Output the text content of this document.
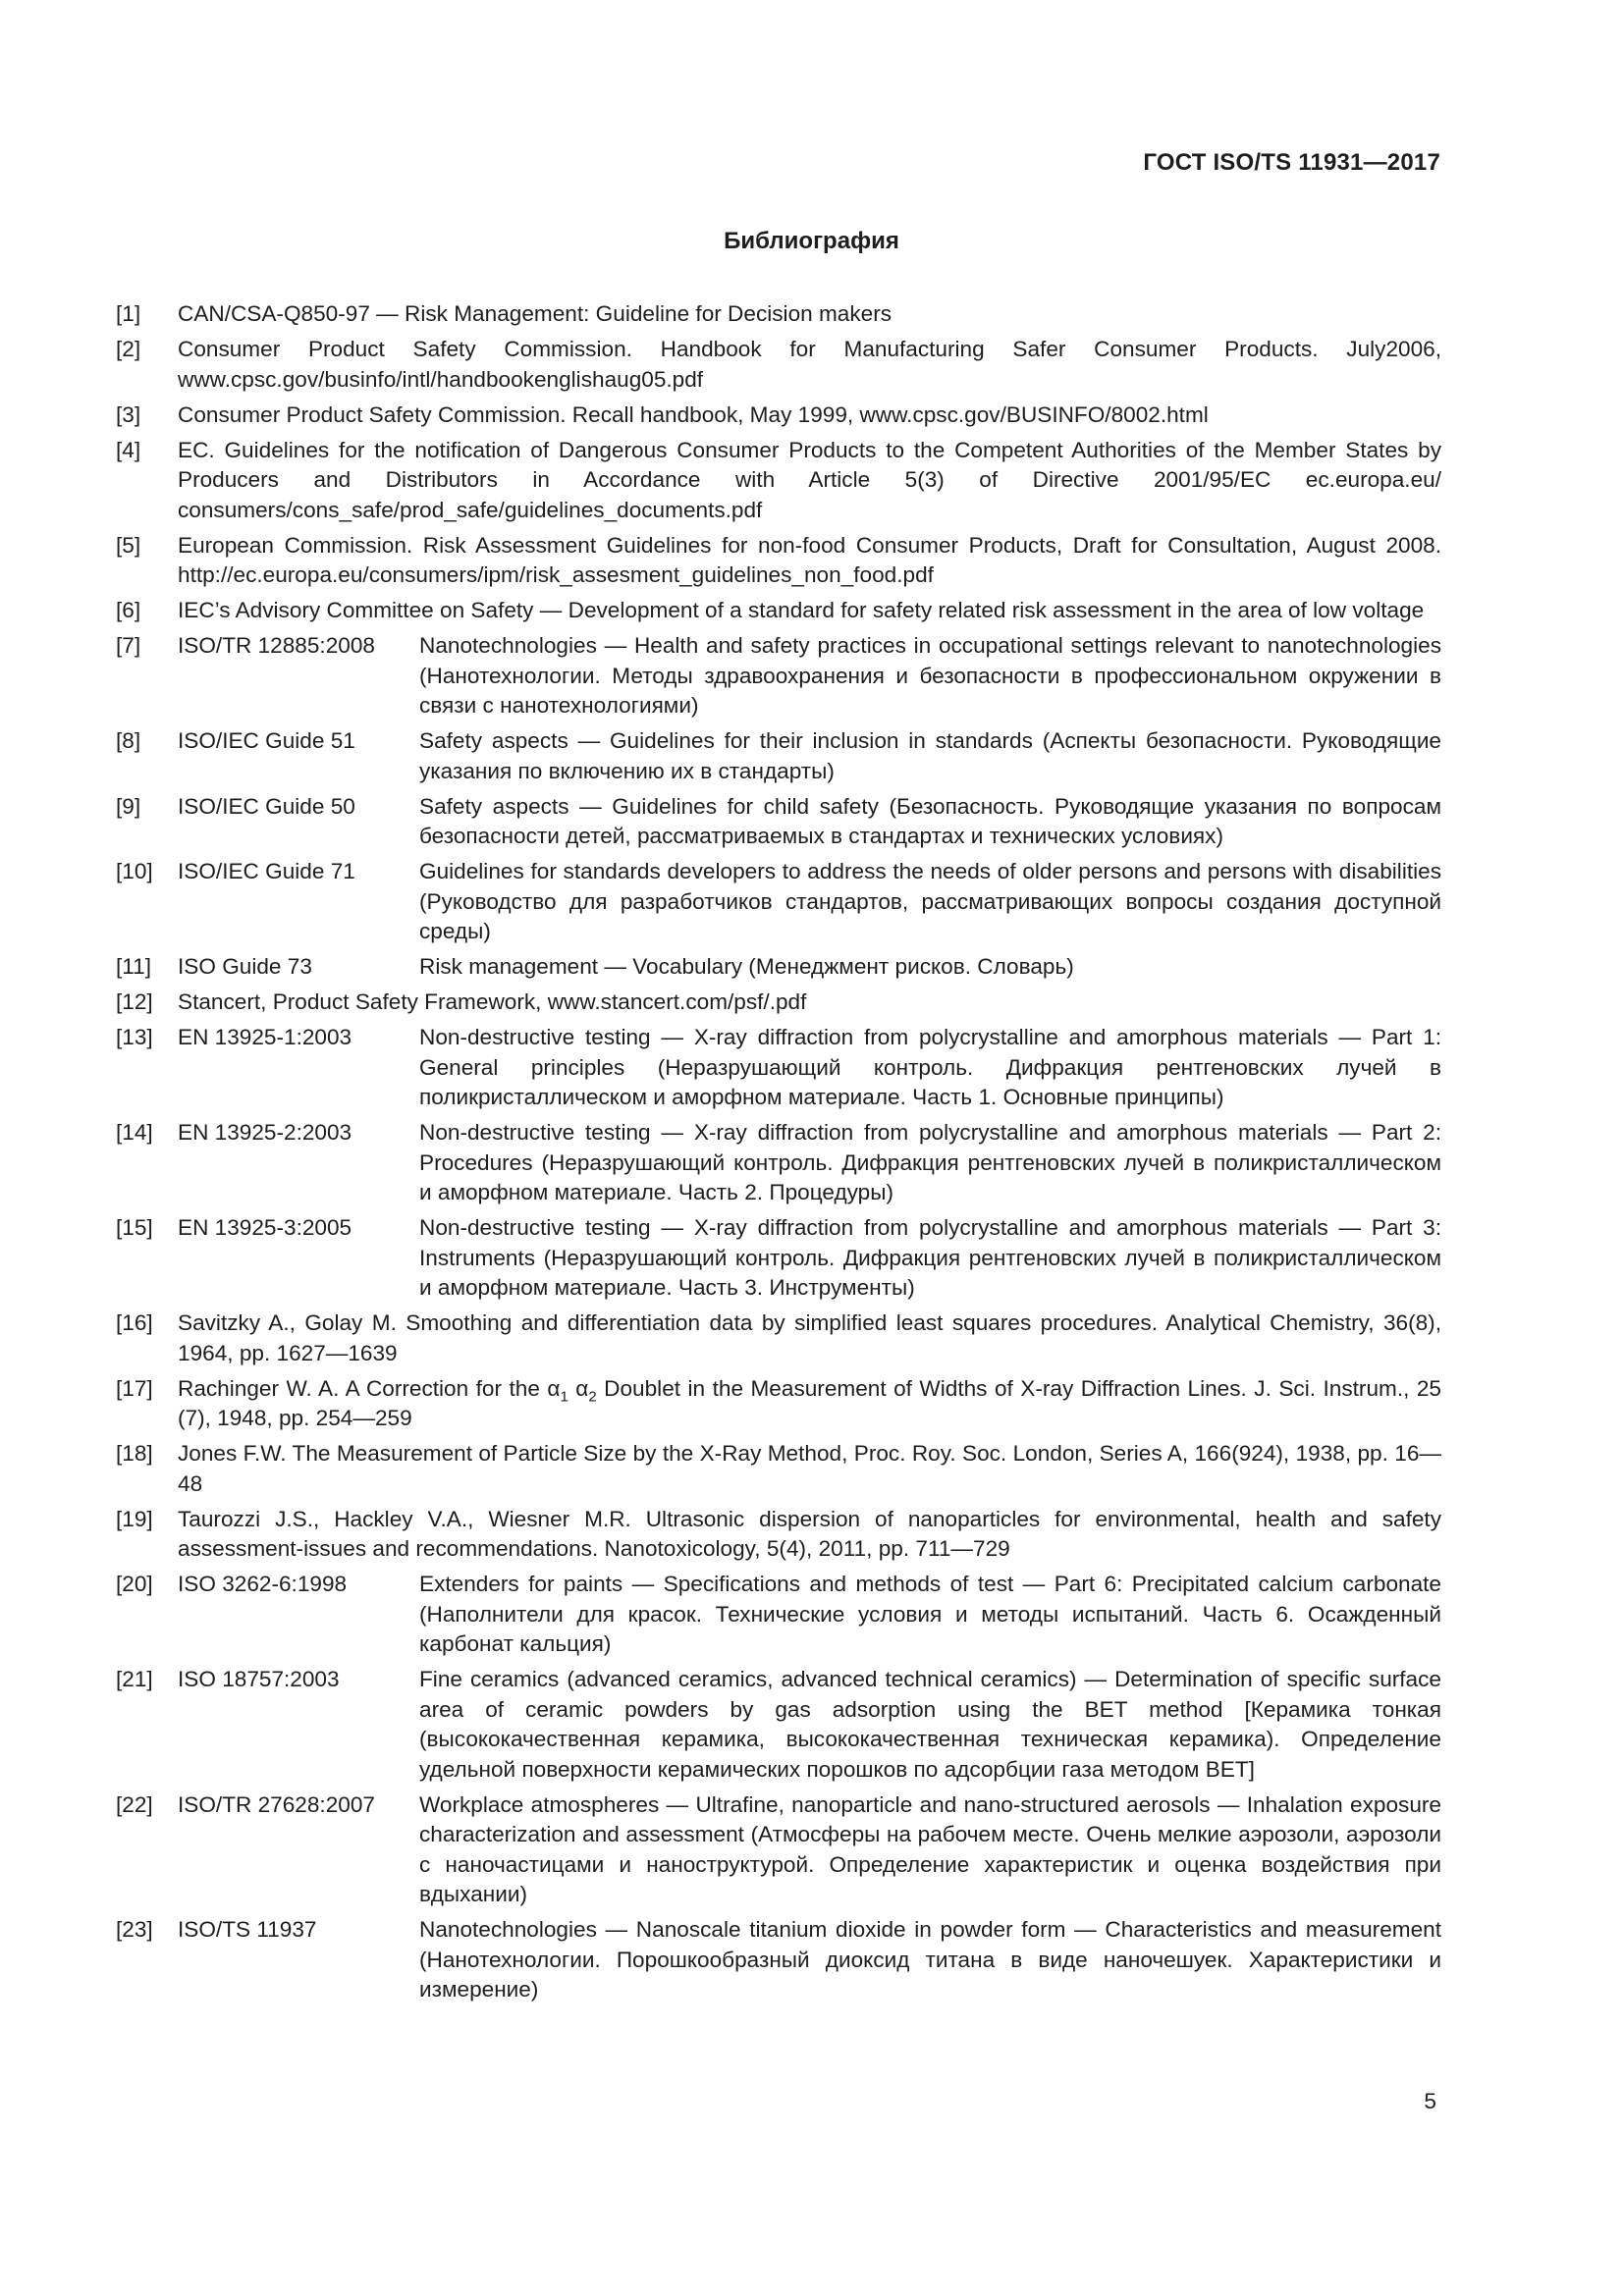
ГОСТ ISO/TS 11931—2017
Библиография
[1]	CAN/CSA-Q850-97 — Risk Management: Guideline for Decision makers
[2]	Consumer Product Safety Commission. Handbook for Manufacturing Safer Consumer Products. July2006, www.cpsc.gov/businfo/intl/handbookenglishaug05.pdf
[3]	Consumer Product Safety Commission. Recall handbook, May 1999, www.cpsc.gov/BUSINFO/8002.html
[4]	EC. Guidelines for the notification of Dangerous Consumer Products to the Competent Authorities of the Member States by Producers and Distributors in Accordance with Article 5(3) of Directive 2001/95/EC ec.europa.eu/ consumers/cons_safe/prod_safe/guidelines_documents.pdf
[5]	European Commission. Risk Assessment Guidelines for non-food Consumer Products, Draft for Consultation, August 2008. http://ec.europa.eu/consumers/ipm/risk_assesment_guidelines_non_food.pdf
[6]	IEC’s Advisory Committee on Safety — Development of a standard for safety related risk assessment in the area of low voltage
[7]	ISO/TR 12885:2008	Nanotechnologies — Health and safety practices in occupational settings relevant to nanotechnologies (Нанотехнологии. Методы здравоохранения и безопасности в профессиональном окружении в связи с нанотехнологиями)
[8]	ISO/IEC Guide 51	Safety aspects — Guidelines for their inclusion in standards (Аспекты безопасности. Руководящие указания по включению их в стандарты)
[9]	ISO/IEC Guide 50	Safety aspects — Guidelines for child safety (Безопасность. Руководящие указания по вопросам безопасности детей, рассматриваемых в стандартах и технических условиях)
[10]	ISO/IEC Guide 71	Guidelines for standards developers to address the needs of older persons and persons with disabilities (Руководство для разработчиков стандартов, рассматривающих вопросы создания доступной среды)
[11]	ISO Guide 73	Risk management — Vocabulary (Менеджмент рисков. Словарь)
[12]	Stancert, Product Safety Framework, www.stancert.com/psf/.pdf
[13]	EN 13925-1:2003	Non-destructive testing — X-ray diffraction from polycrystalline and amorphous materials — Part 1: General principles (Неразрушающий контроль. Дифракция рентгеновских лучей в поликристаллическом и аморфном материале. Часть 1. Основные принципы)
[14]	EN 13925-2:2003	Non-destructive testing — X-ray diffraction from polycrystalline and amorphous materials — Part 2: Procedures (Неразрушающий контроль. Дифракция рентгеновских лучей в поликристаллическом и аморфном материале. Часть 2. Процедуры)
[15]	EN 13925-3:2005	Non-destructive testing — X-ray diffraction from polycrystalline and amorphous materials — Part 3: Instruments (Неразрушающий контроль. Дифракция рентгеновских лучей в поликристаллическом и аморфном материале. Часть 3. Инструменты)
[16]	Savitzky A., Golay M. Smoothing and differentiation data by simplified least squares procedures. Analytical Chemistry, 36(8), 1964, pp. 1627—1639
[17]	Rachinger W. A. A Correction for the $\alpha_1$ $\alpha_2$ Doublet in the Measurement of Widths of X-ray Diffraction Lines. J. Sci. Instrum., 25 (7), 1948, pp. 254—259
[18]	Jones F.W. The Measurement of Particle Size by the X-Ray Method, Proc. Roy. Soc. London, Series A, 166(924), 1938, pp. 16—48
[19]	Taurozzi J.S., Hackley V.A., Wiesner M.R. Ultrasonic dispersion of nanoparticles for environmental, health and safety assessment-issues and recommendations. Nanotoxicology, 5(4), 2011, pp. 711—729
[20]	ISO 3262-6:1998	Extenders for paints — Specifications and methods of test — Part 6: Precipitated calcium carbonate (Наполнители для красок. Технические условия и методы испытаний. Часть 6. Осажденный карбонат кальция)
[21]	ISO 18757:2003	Fine ceramics (advanced ceramics, advanced technical ceramics) — Determination of specific surface area of ceramic powders by gas adsorption using the BET method [Керамика тонкая (высококачественная керамика, высококачественная техническая керамика). Определение удельной поверхности керамических порошков по адсорбции газа методом BET]
[22]	ISO/TR 27628:2007	Workplace atmospheres — Ultrafine, nanoparticle and nano-structured aerosols — Inhalation exposure characterization and assessment (Атмосферы на рабочем месте. Очень мелкие аэрозоли, аэрозоли с наночастицами и наноструктурой. Определение характеристик и оценка воздействия при вдыхании)
[23]	ISO/TS 11937	Nanotechnologies — Nanoscale titanium dioxide in powder form — Characteristics and measurement (Нанотехнологии. Порошкообразный диоксид титана в виде наночешуек. Характеристики и измерение)
5
